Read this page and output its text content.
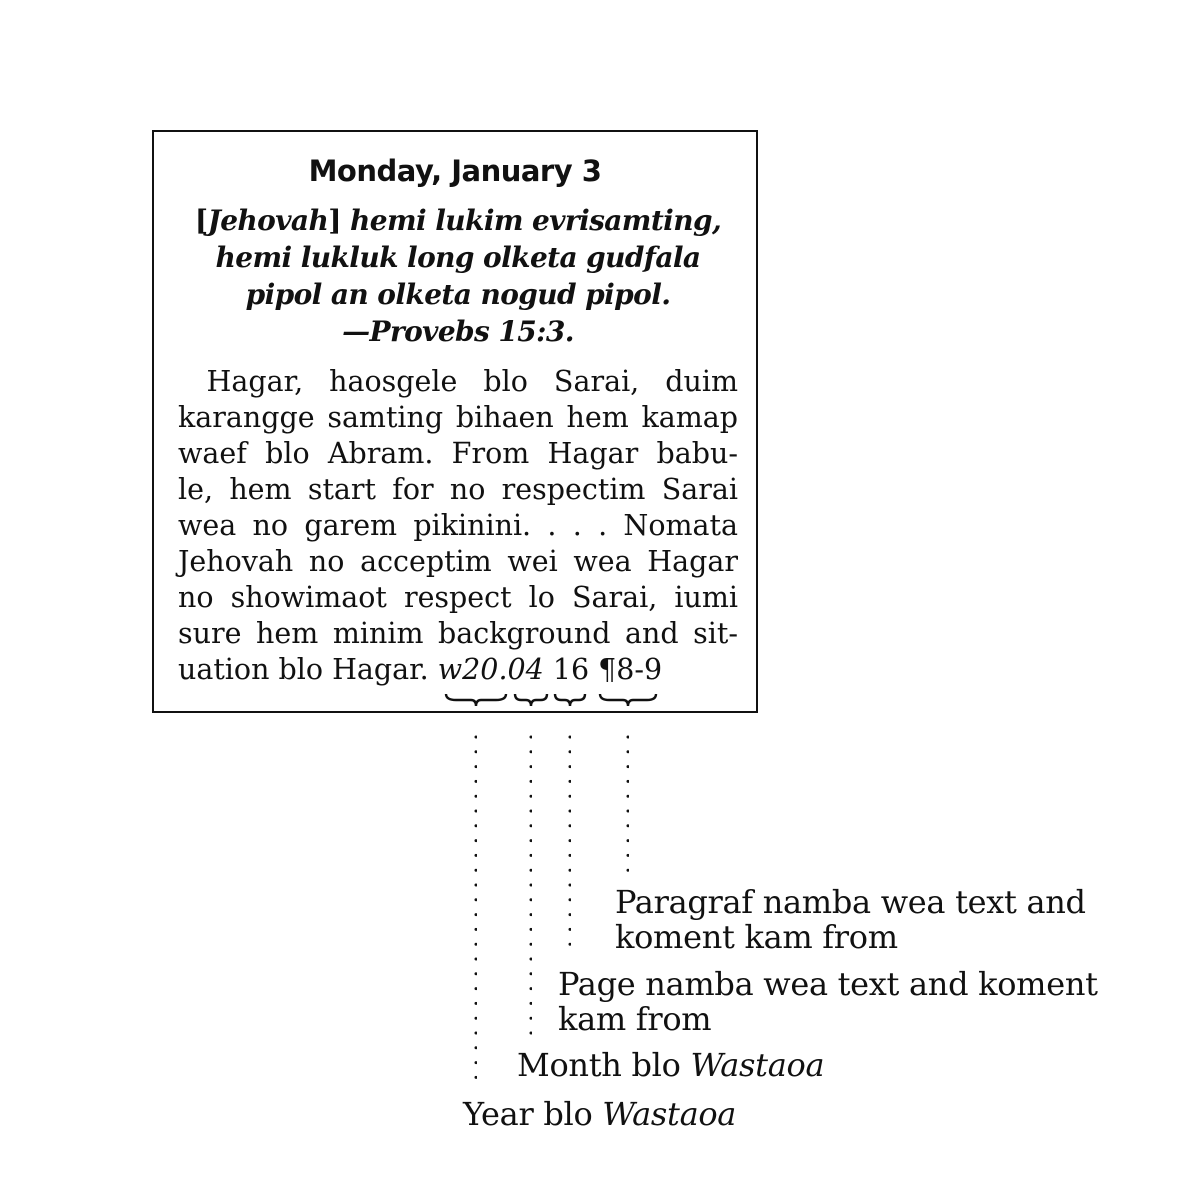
Monday, January 3
[Jehovah] hemi lukim evrisamting,
hemi lukluk long olketa gudfala
pipol an olketa nogud pipol.
—Provebs 15:3.
 Hagar, haosgele blo Sarai, duim
karangge samting bihaen hem kamap
waef blo Abram. From Hagar babu-
le, hem start for no respectim Sarai
wea no garem pikinini. . . . Nomata
Jehovah no acceptim wei wea Hagar
no showimaot respect lo Sarai, iumi
sure hem minim background and sit-
uation blo Hagar. w20.04 16 ¶8-9
Paragraf namba wea text and
koment kam from
Page namba wea text and koment
kam from
Month blo Wastaoa
Year blo Wastaoa
